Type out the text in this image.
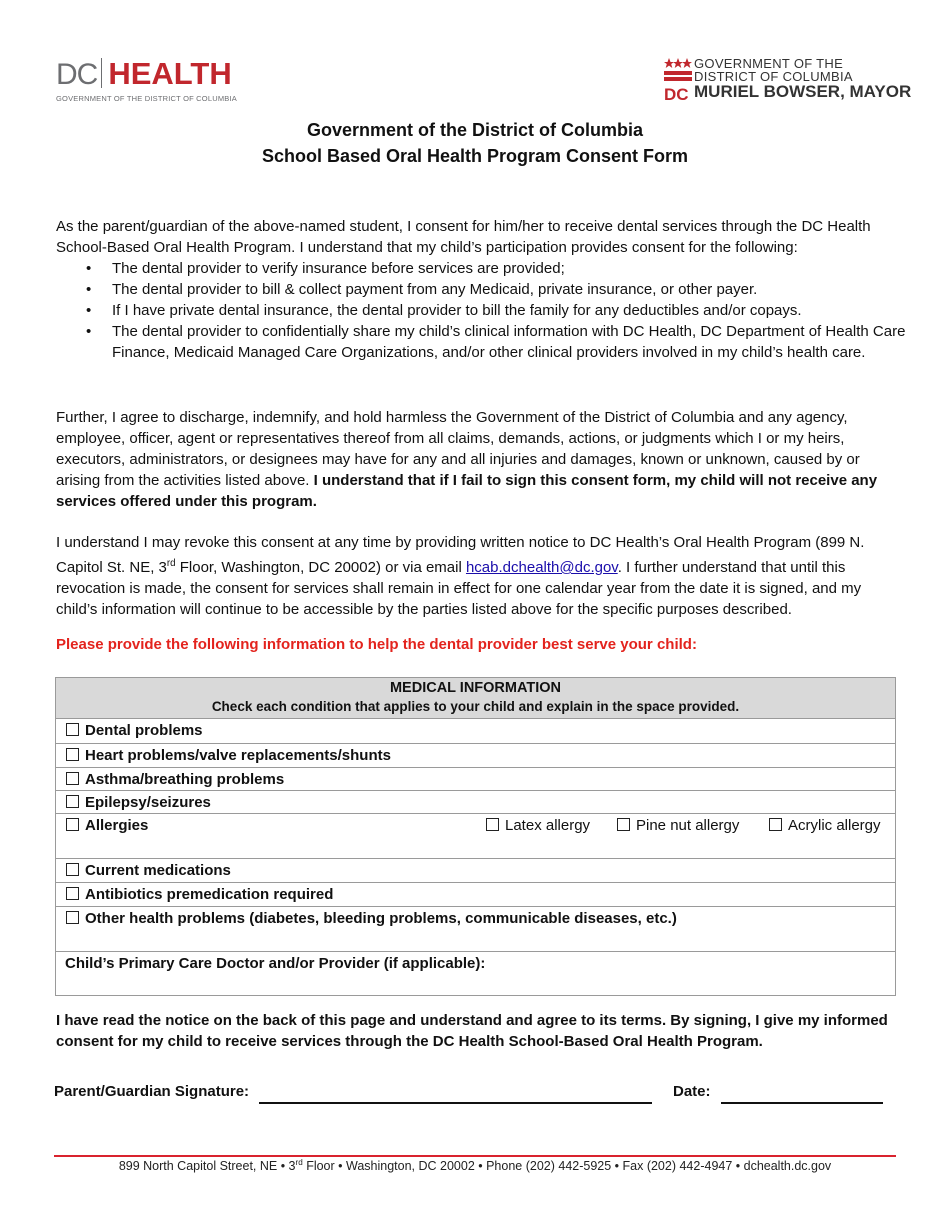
DC HEALTH
GOVERNMENT OF THE DISTRICT OF COLUMBIA	DC
GOVERNMENT OF THE
DISTRICT OF COLUMBIA
MURIEL BOWSER, MAYOR
Government of the District of Columbia
School Based Oral Health Program Consent Form
As the parent/guardian of the above-named student, I consent for him/her to receive dental services through the DC Health School-Based Oral Health Program. I understand that my child’s participation provides consent for the following:
• The dental provider to verify insurance before services are provided;
• The dental provider to bill & collect payment from any Medicaid, private insurance, or other payer.
• If I have private dental insurance, the dental provider to bill the family for any deductibles and/or copays.
• The dental provider to confidentially share my child’s clinical information with DC Health, DC Department of Health Care Finance, Medicaid Managed Care Organizations, and/or other clinical providers involved in my child’s health care.
Further, I agree to discharge, indemnify, and hold harmless the Government of the District of Columbia and any agency, employee, officer, agent or representatives thereof from all claims, demands, actions, or judgments which I or my heirs, executors, administrators, or designees may have for any and all injuries and damages, known or unknown, caused by or arising from the activities listed above. I understand that if I fail to sign this consent form, my child will not receive any services offered under this program.
I understand I may revoke this consent at any time by providing written notice to DC Health’s Oral Health Program (899 N. Capitol St. NE, 3rd Floor, Washington, DC 20002) or via email hcab.dchealth@dc.gov. I further understand that until this revocation is made, the consent for services shall remain in effect for one calendar year from the date it is signed, and my child’s information will continue to be accessible by the parties listed above for the specific purposes described.
Please provide the following information to help the dental provider best serve your child:
MEDICAL INFORMATION
Check each condition that applies to your child and explain in the space provided.
Dental problems
Heart problems/valve replacements/shunts
Asthma/breathing problems
Epilepsy/seizures
Allergies	Latex allergy	Pine nut allergy	Acrylic allergy
Current medications
Antibiotics premedication required
Other health problems (diabetes, bleeding problems, communicable diseases, etc.)
Child’s Primary Care Doctor and/or Provider (if applicable):
I have read the notice on the back of this page and understand and agree to its terms. By signing, I give my informed consent for my child to receive services through the DC Health School-Based Oral Health Program.
Parent/Guardian Signature:	Date:
899 North Capitol Street, NE • 3rd Floor • Washington, DC 20002 • Phone (202) 442-5925 • Fax (202) 442-4947 • dchealth.dc.gov
